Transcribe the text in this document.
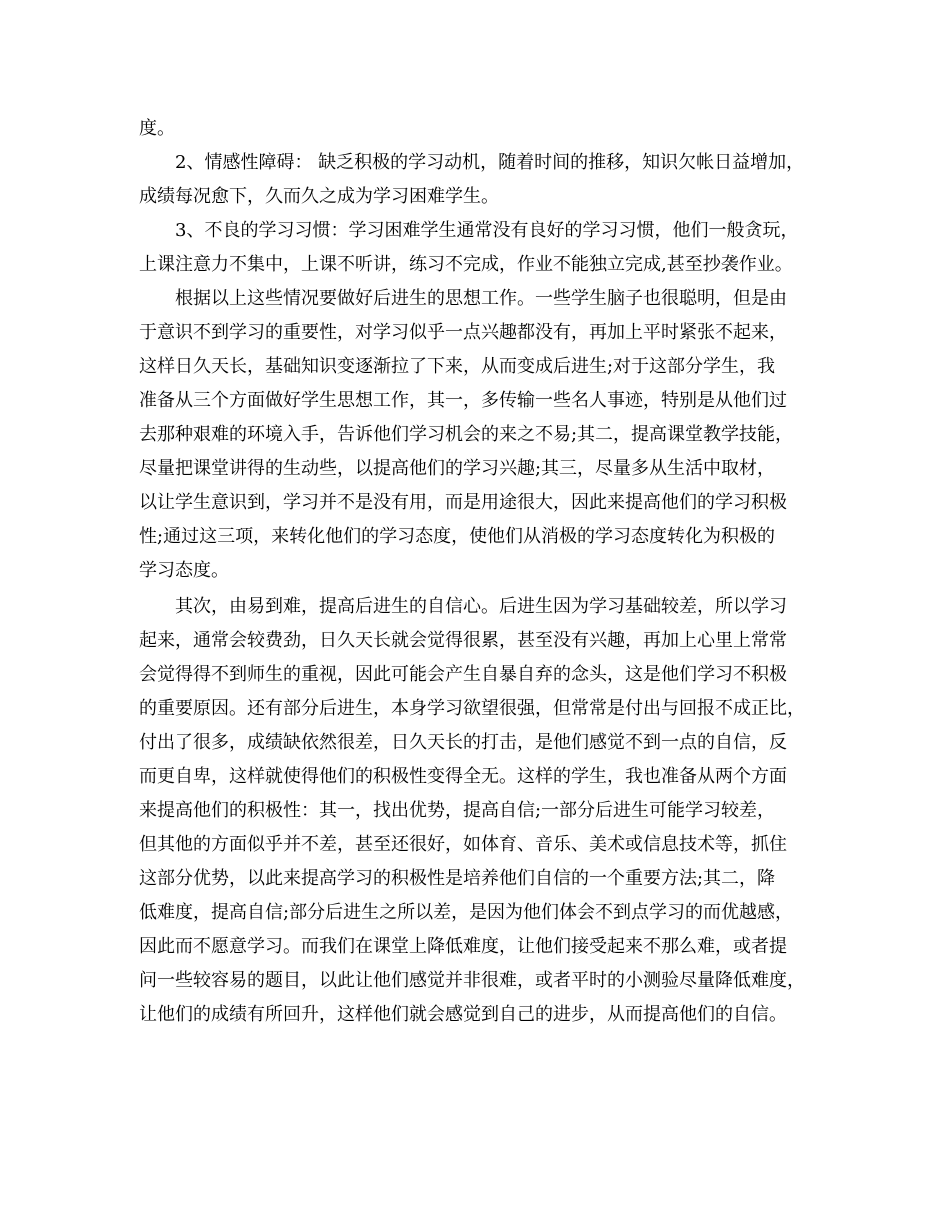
度。

2、情感性障碍： 缺乏积极的学习动机，随着时间的推移，知识欠帐日益增加，

成绩每况愈下，久而久之成为学习困难学生。

3、不良的学习习惯：学习困难学生通常没有良好的学习习惯，他们一般贪玩，

上课注意力不集中，上课不听讲，练习不完成，作业不能独立完成,甚至抄袭作业。

根据以上这些情况要做好后进生的思想工作。一些学生脑子也很聪明，但是由

于意识不到学习的重要性，对学习似乎一点兴趣都没有，再加上平时紧张不起来，

这样日久天长，基础知识变逐渐拉了下来，从而变成后进生;对于这部分学生，我

准备从三个方面做好学生思想工作，其一，多传输一些名人事迹，特别是从他们过

去那种艰难的环境入手，告诉他们学习机会的来之不易;其二，提高课堂教学技能，

尽量把课堂讲得的生动些，以提高他们的学习兴趣;其三，尽量多从生活中取材，

以让学生意识到，学习并不是没有用，而是用途很大，因此来提高他们的学习积极

性;通过这三项，来转化他们的学习态度，使他们从消极的学习态度转化为积极的

学习态度。

其次，由易到难，提高后进生的自信心。后进生因为学习基础较差，所以学习

起来，通常会较费劲，日久天长就会觉得很累，甚至没有兴趣，再加上心里上常常

会觉得得不到师生的重视，因此可能会产生自暴自弃的念头，这是他们学习不积极

的重要原因。还有部分后进生，本身学习欲望很强，但常常是付出与回报不成正比，

付出了很多，成绩缺依然很差，日久天长的打击，是他们感觉不到一点的自信，反

而更自卑，这样就使得他们的积极性变得全无。这样的学生，我也准备从两个方面

来提高他们的积极性：其一，找出优势，提高自信;一部分后进生可能学习较差，

但其他的方面似乎并不差，甚至还很好，如体育、音乐、美术或信息技术等，抓住

这部分优势，以此来提高学习的积极性是培养他们自信的一个重要方法;其二，降

低难度，提高自信;部分后进生之所以差，是因为他们体会不到点学习的而优越感，

因此而不愿意学习。而我们在课堂上降低难度，让他们接受起来不那么难，或者提

问一些较容易的题目，以此让他们感觉并非很难，或者平时的小测验尽量降低难度，

让他们的成绩有所回升，这样他们就会感觉到自己的进步，从而提高他们的自信。
